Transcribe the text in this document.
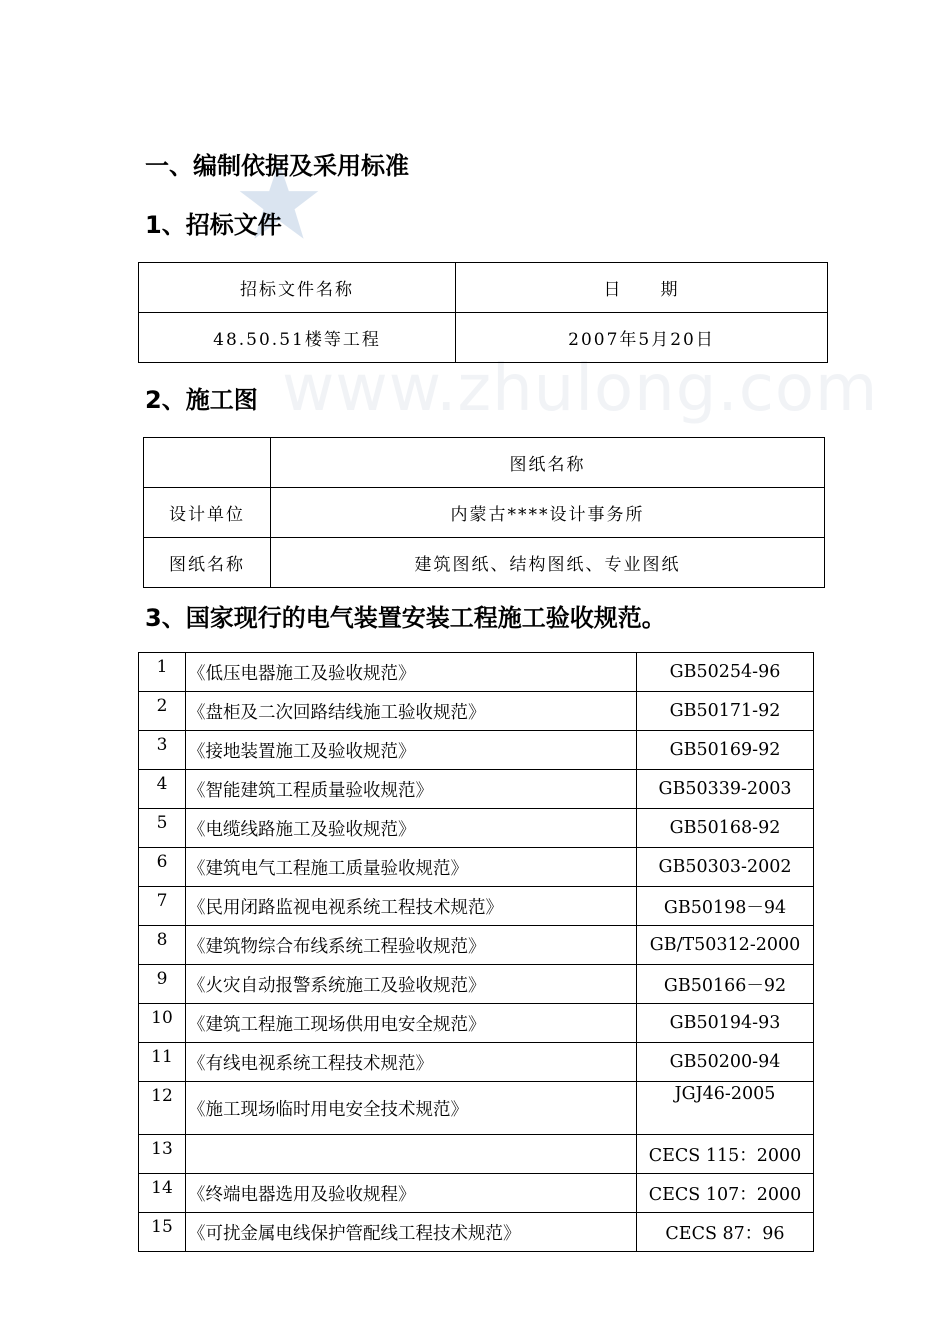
www.zhulong.com
一、编制依据及采用标准
1、招标文件
招标文件名称	日　　期
48.50.51楼等工程	2007年5月20日
2、施工图
	图纸名称
设计单位	内蒙古****设计事务所
图纸名称	建筑图纸、结构图纸、专业图纸
3、国家现行的电气装置安装工程施工验收规范。
1	《低压电器施工及验收规范》	GB50254-96
2	《盘柜及二次回路结线施工验收规范》	GB50171-92
3	《接地装置施工及验收规范》	GB50169-92
4	《智能建筑工程质量验收规范》	GB50339-2003
5	《电缆线路施工及验收规范》	GB50168-92
6	《建筑电气工程施工质量验收规范》	GB50303-2002
7	《民用闭路监视电视系统工程技术规范》	GB50198－94
8	《建筑物综合布线系统工程验收规范》	GB/T50312-2000
9	《火灾自动报警系统施工及验收规范》	GB50166－92
10	《建筑工程施工现场供用电安全规范》	GB50194-93
11	《有线电视系统工程技术规范》	GB50200-94
12	《施工现场临时用电安全技术规范》	JGJ46-2005
13		CECS 115：2000
14	《终端电器选用及验收规程》	CECS 107：2000
15	《可扰金属电线保护管配线工程技术规范》	CECS 87：96
